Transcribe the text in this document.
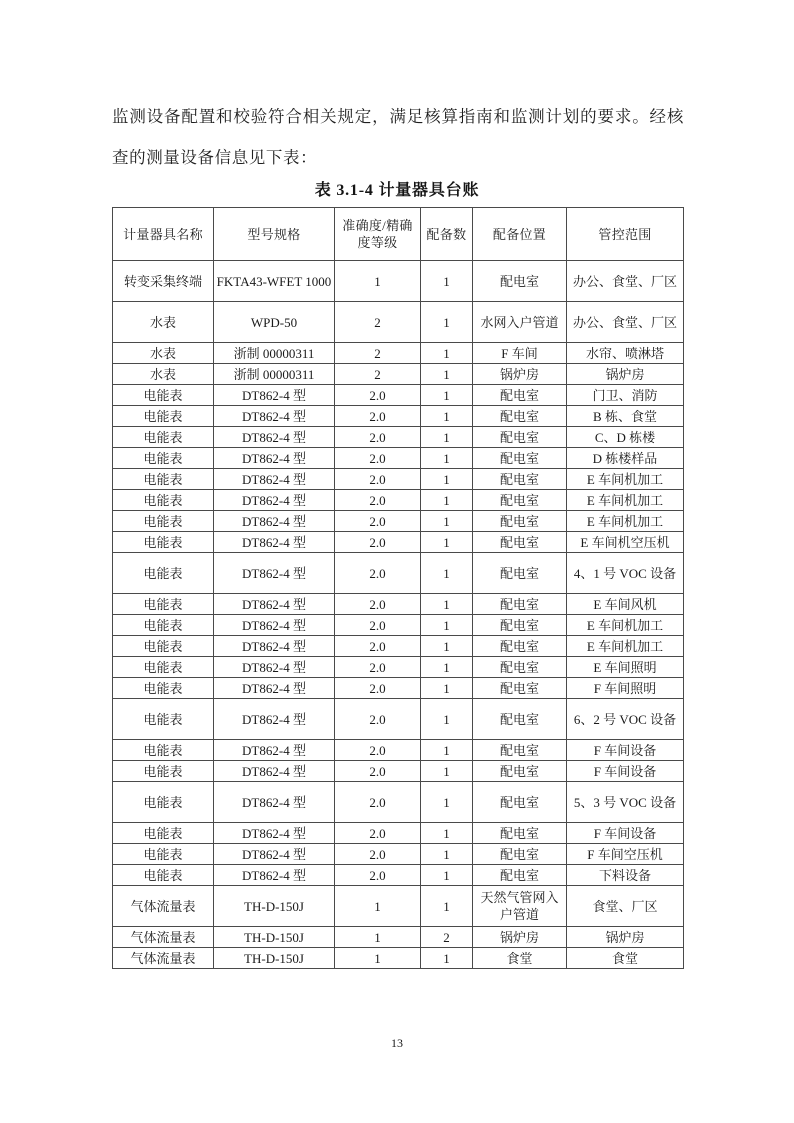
监测设备配置和校验符合相关规定，满足核算指南和监测计划的要求。经核查的测量设备信息见下表：

表 3.1-4 计量器具台账
计量器具名称	型号规格	准确度/精确度等级	配备数	配备位置	管控范围
转变采集终端	FKTA43-WFET 1000	1	1	配电室	办公、食堂、厂区
水表	WPD-50	2	1	水网入户管道	办公、食堂、厂区
水表	浙制 00000311	2	1	F 车间	水帘、喷淋塔
水表	浙制 00000311	2	1	锅炉房	锅炉房
电能表	DT862-4 型	2.0	1	配电室	门卫、消防
电能表	DT862-4 型	2.0	1	配电室	B 栋、食堂
电能表	DT862-4 型	2.0	1	配电室	C、D 栋楼
电能表	DT862-4 型	2.0	1	配电室	D 栋楼样品
电能表	DT862-4 型	2.0	1	配电室	E 车间机加工
电能表	DT862-4 型	2.0	1	配电室	E 车间机加工
电能表	DT862-4 型	2.0	1	配电室	E 车间机加工
电能表	DT862-4 型	2.0	1	配电室	E 车间机空压机
电能表	DT862-4 型	2.0	1	配电室	4、1 号 VOC 设备
电能表	DT862-4 型	2.0	1	配电室	E 车间风机
电能表	DT862-4 型	2.0	1	配电室	E 车间机加工
电能表	DT862-4 型	2.0	1	配电室	E 车间机加工
电能表	DT862-4 型	2.0	1	配电室	E 车间照明
电能表	DT862-4 型	2.0	1	配电室	F 车间照明
电能表	DT862-4 型	2.0	1	配电室	6、2 号 VOC 设备
电能表	DT862-4 型	2.0	1	配电室	F 车间设备
电能表	DT862-4 型	2.0	1	配电室	F 车间设备
电能表	DT862-4 型	2.0	1	配电室	5、3 号 VOC 设备
电能表	DT862-4 型	2.0	1	配电室	F 车间设备
电能表	DT862-4 型	2.0	1	配电室	F 车间空压机
电能表	DT862-4 型	2.0	1	配电室	下料设备
气体流量表	TH-D-150J	1	1	天然气管网入户管道	食堂、厂区
气体流量表	TH-D-150J	1	2	锅炉房	锅炉房
气体流量表	TH-D-150J	1	1	食堂	食堂
13
